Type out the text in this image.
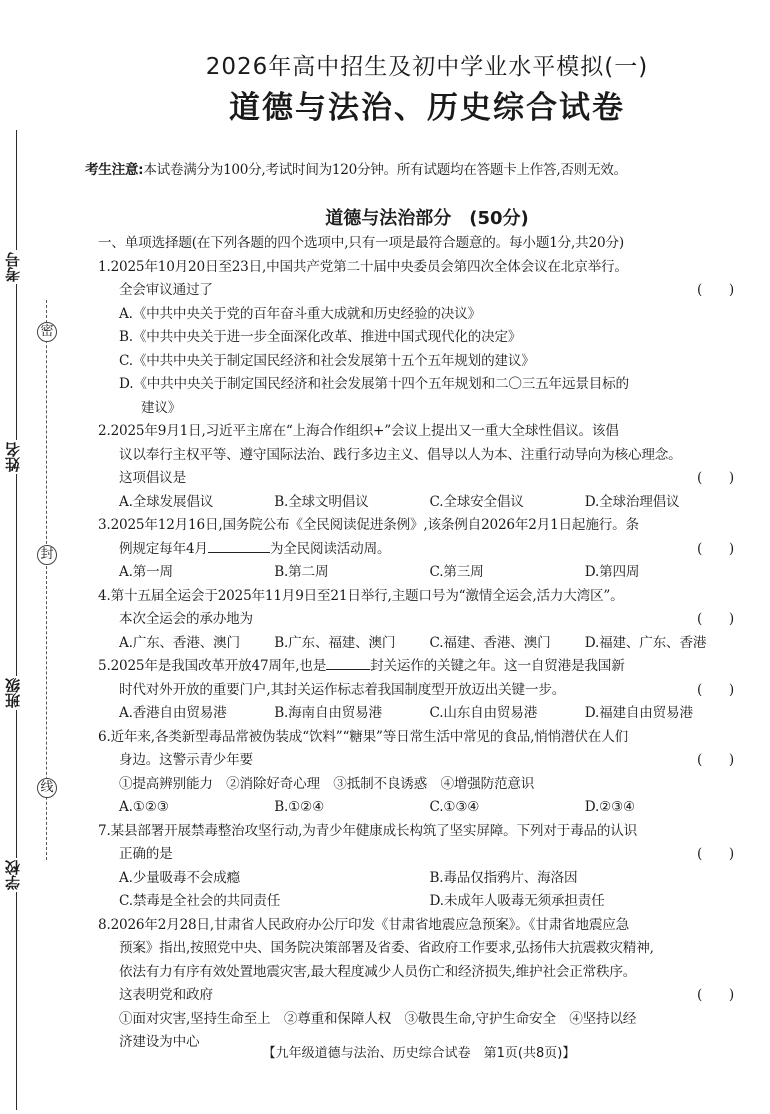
考号
姓名
班级
学校
密
封
线

2026年高中招生及初中学业水平模拟(一)

道德与法治、历史综合试卷

考生注意:本试卷满分为100分,考试时间为120分钟。所有试题均在答题卡上作答,否则无效。
道德与法治部分　(50分)
一、单项选择题(在下列各题的四个选项中,只有一项是最符合题意的。每小题1分,共20分)
1.2025年10月20日至23日,中国共产党第二十届中央委员会第四次全体会议在北京举行。
全会审议通过了	(　　)
A.《中共中央关于党的百年奋斗重大成就和历史经验的决议》
B.《中共中央关于进一步全面深化改革、推进中国式现代化的决定》
C.《中共中央关于制定国民经济和社会发展第十五个五年规划的建议》
D.《中共中央关于制定国民经济和社会发展第十四个五年规划和二〇三五年远景目标的
建议》
2.2025年9月1日,习近平主席在“上海合作组织+”会议上提出又一重大全球性倡议。该倡
议以奉行主权平等、遵守国际法治、践行多边主义、倡导以人为本、注重行动导向为核心理念。
这项倡议是	(　　)
A.全球发展倡议	B.全球文明倡议	C.全球安全倡议	D.全球治理倡议
3.2025年12月16日,国务院公布《全民阅读促进条例》,该条例自2026年2月1日起施行。条
例规定每年4月	为全民阅读活动周。	(　　)
A.第一周	B.第二周	C.第三周	D.第四周
4.第十五届全运会于2025年11月9日至21日举行,主题口号为“激情全运会,活力大湾区”。
本次全运会的承办地为	(　　)
A.广东、香港、澳门	B.广东、福建、澳门	C.福建、香港、澳门	D.福建、广东、香港
5.2025年是我国改革开放47周年,也是	封关运作的关键之年。这一自贸港是我国新
时代对外开放的重要门户,其封关运作标志着我国制度型开放迈出关键一步。	(　　)
A.香港自由贸易港	B.海南自由贸易港	C.山东自由贸易港	D.福建自由贸易港
6.近年来,各类新型毒品常被伪装成“饮料”“糖果”等日常生活中常见的食品,悄悄潜伏在人们
身边。这警示青少年要	(　　)
①提高辨别能力　②消除好奇心理　③抵制不良诱惑　④增强防范意识
A.①②③	B.①②④	C.①③④	D.②③④
7.某县部署开展禁毒整治攻坚行动,为青少年健康成长构筑了坚实屏障。下列对于毒品的认识
正确的是	(　　)
A.少量吸毒不会成瘾	B.毒品仅指鸦片、海洛因
C.禁毒是全社会的共同责任	D.未成年人吸毒无须承担责任
8.2026年2月28日,甘肃省人民政府办公厅印发《甘肃省地震应急预案》。《甘肃省地震应急
预案》指出,按照党中央、国务院决策部署及省委、省政府工作要求,弘扬伟大抗震救灾精神,
依法有力有序有效处置地震灾害,最大程度减少人员伤亡和经济损失,维护社会正常秩序。
这表明党和政府	(　　)
①面对灾害,坚持生命至上　②尊重和保障人权　③敬畏生命,守护生命安全　④坚持以经
济建设为中心
【九年级道德与法治、历史综合试卷　第1页(共8页)】
